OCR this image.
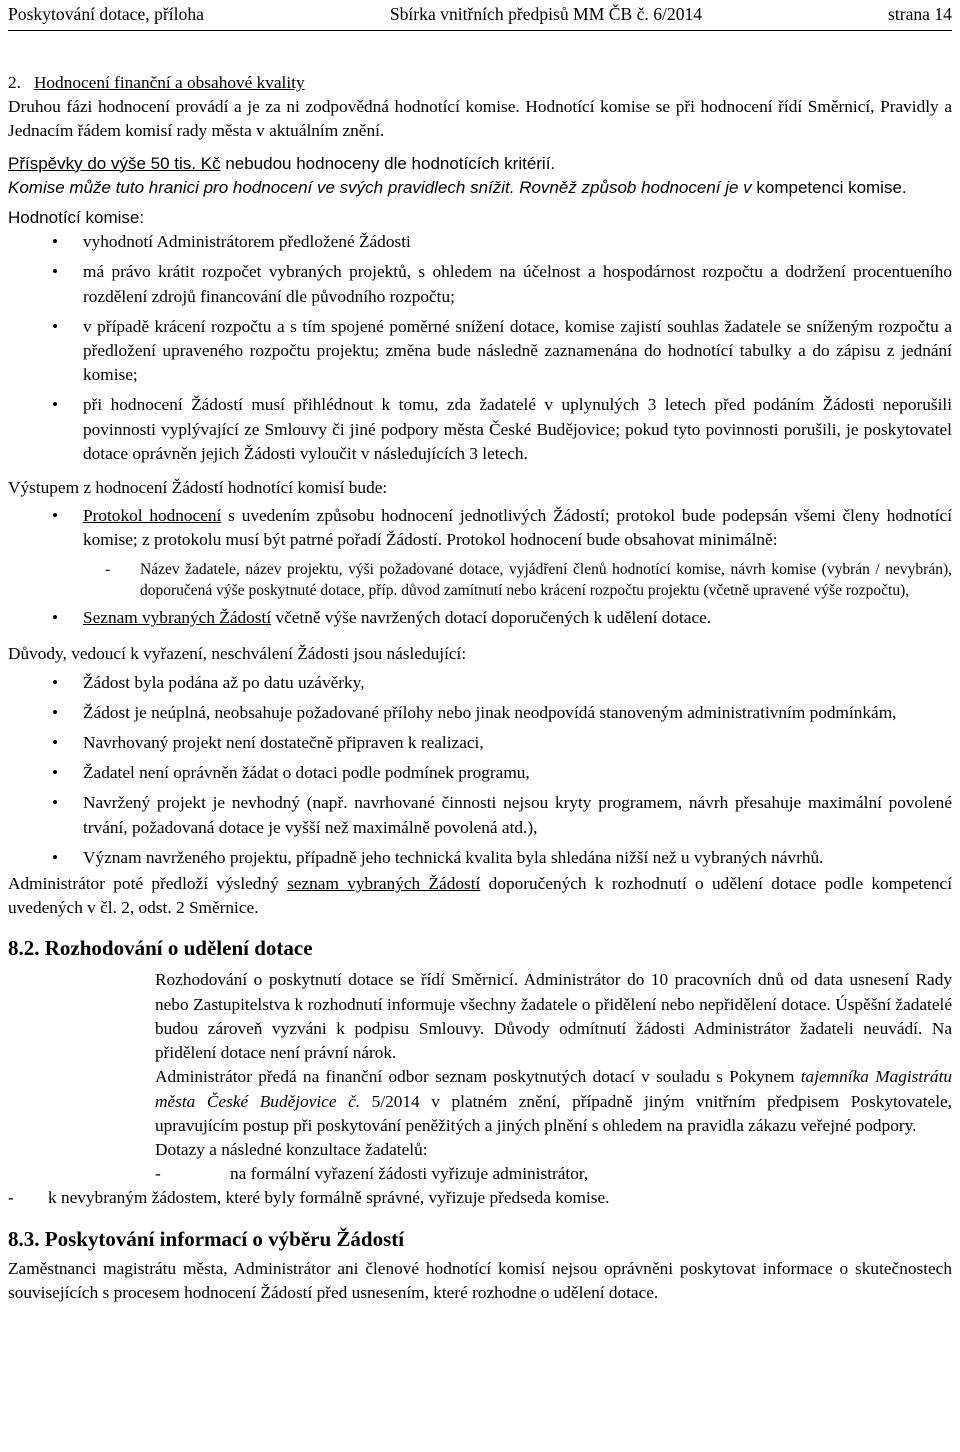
Poskytování dotace, příloha	Sbírka vnitřních předpisů MM ČB č. 6/2014	strana 14
2. Hodnocení finanční a obsahové kvality

Druhou fázi hodnocení provádí a je za ni zodpovědná hodnotící komise. Hodnotící komise se při hodnocení řídí Směrnicí, Pravidly a Jednacím řádem komisí rady města v aktuálním znění.

Příspěvky do výše 50 tis. Kč nebudou hodnoceny dle hodnotících kritérií.

Komise může tuto hranici pro hodnocení ve svých pravidlech snížit. Rovněž způsob hodnocení je v kompetenci komise.

Hodnotící komise:

• vyhodnotí Administrátorem předložené Žádosti
• má právo krátit rozpočet vybraných projektů, s ohledem na účelnost a hospodárnost rozpočtu a dodržení procentueního rozdělení zdrojů financování dle původního rozpočtu;
• v případě krácení rozpočtu a s tím spojené poměrné snížení dotace, komise zajistí souhlas žadatele se sníženým rozpočtu a předložení upraveného rozpočtu projektu; změna bude následně zaznamenána do hodnotící tabulky a do zápisu z jednání komise;
• při hodnocení Žádostí musí přihlédnout k tomu, zda žadatelé v uplynulých 3 letech před podáním Žádosti neporušili povinnosti vyplývající ze Smlouvy či jiné podpory města České Budějovice; pokud tyto povinnosti porušili, je poskytovatel dotace oprávněn jejich Žádosti vyloučit v následujících 3 letech.

Výstupem z hodnocení Žádostí hodnotící komisí bude:

• Protokol hodnocení s uvedením způsobu hodnocení jednotlivých Žádostí; protokol bude podepsán všemi členy hodnotící komise; z protokolu musí být patrné pořadí Žádostí. Protokol hodnocení bude obsahovat minimálně:
- Název žadatele, název projektu, výši požadované dotace, vyjádření členů hodnotící komise, návrh komise (vybrán / nevybrán), doporučená výše poskytnuté dotace, příp. důvod zamítnutí nebo krácení rozpočtu projektu (včetně upravené výše rozpočtu),
• Seznam vybraných Žádostí včetně výše navržených dotací doporučených k udělení dotace.

Důvody, vedoucí k vyřazení, neschválení Žádosti jsou následující:

• Žádost byla podána až po datu uzávěrky,
• Žádost je neúplná, neobsahuje požadované přílohy nebo jinak neodpovídá stanoveným administrativním podmínkám,
• Navrhovaný projekt není dostatečně připraven k realizaci,
• Žadatel není oprávněn žádat o dotaci podle podmínek programu,
• Navržený projekt je nevhodný (např. navrhované činnosti nejsou kryty programem, návrh přesahuje maximální povolené trvání, požadovaná dotace je vyšší než maximálně povolená atd.),
• Význam navrženého projektu, případně jeho technická kvalita byla shledána nižší než u vybraných návrhů.

Administrátor poté předloží výsledný seznam vybraných Žádostí doporučených k rozhodnutí o udělení dotace podle kompetencí uvedených v čl. 2, odst. 2 Směrnice.

8.2. Rozhodování o udělení dotace

Rozhodování o poskytnutí dotace se řídí Směrnicí. Administrátor do 10 pracovních dnů od data usnesení Rady nebo Zastupitelstva k rozhodnutí informuje všechny žadatele o přidělení nebo nepřidělení dotace. Úspěšní žadatelé budou zároveň vyzváni k podpisu Smlouvy. Důvody odmítnutí žádosti Administrátor žadateli neuvádí. Na přidělení dotace není právní nárok.

Administrátor předá na finanční odbor seznam poskytnutých dotací v souladu s Pokynem tajemníka Magistrátu města České Budějovice č. 5/2014 v platném znění, případně jiným vnitřním předpisem Poskytovatele, upravujícím postup při poskytování peněžitých a jiných plnění s ohledem na pravidla zákazu veřejné podpory.

Dotazy a následné konzultace žadatelů:

-	na formální vyřazení žádosti vyřizuje administrátor,
- k nevybraným žádostem, které byly formálně správné, vyřizuje předseda komise.
8.3. Poskytování informací o výběru Žádostí

Zaměstnanci magistrátu města, Administrátor ani členové hodnotící komisí nejsou oprávněni poskytovat informace o skutečnostech souvisejících s procesem hodnocení Žádostí před usnesením, které rozhodne o udělení dotace.
